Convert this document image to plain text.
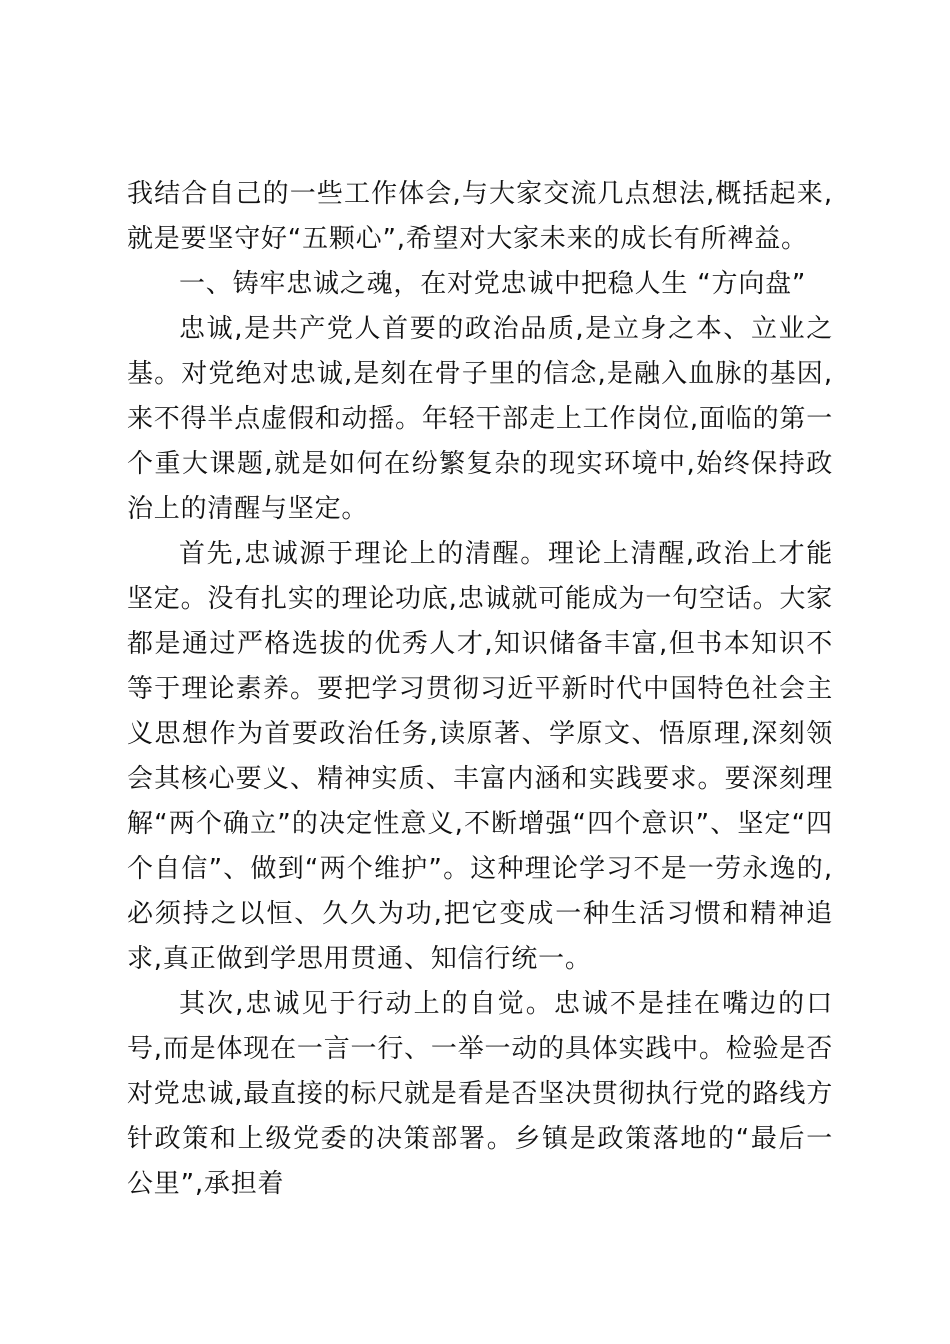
我结合自己的一些工作体会,与大家交流几点想法,概括起来,就是要坚守好“五颗心”,希望对大家未来的成长有所裨益。

一、铸牢忠诚之魂，在对党忠诚中把稳人生 “方向盘”

忠诚,是共产党人首要的政治品质,是立身之本、立业之基。对党绝对忠诚,是刻在骨子里的信念,是融入血脉的基因,来不得半点虚假和动摇。年轻干部走上工作岗位,面临的第一个重大课题,就是如何在纷繁复杂的现实环境中,始终保持政治上的清醒与坚定。

首先,忠诚源于理论上的清醒。理论上清醒,政治上才能坚定。没有扎实的理论功底,忠诚就可能成为一句空话。大家都是通过严格选拔的优秀人才,知识储备丰富,但书本知识不等于理论素养。要把学习贯彻习近平新时代中国特色社会主义思想作为首要政治任务,读原著、学原文、悟原理,深刻领会其核心要义、精神实质、丰富内涵和实践要求。要深刻理解“两个确立”的决定性意义,不断增强“四个意识”、坚定“四个自信”、做到“两个维护”。这种理论学习不是一劳永逸的,必须持之以恒、久久为功,把它变成一种生活习惯和精神追求,真正做到学思用贯通、知信行统一。

其次,忠诚见于行动上的自觉。忠诚不是挂在嘴边的口号,而是体现在一言一行、一举一动的具体实践中。检验是否对党忠诚,最直接的标尺就是看是否坚决贯彻执行党的路线方针政策和上级党委的决策部署。乡镇是政策落地的“最后一公里”,承担着
